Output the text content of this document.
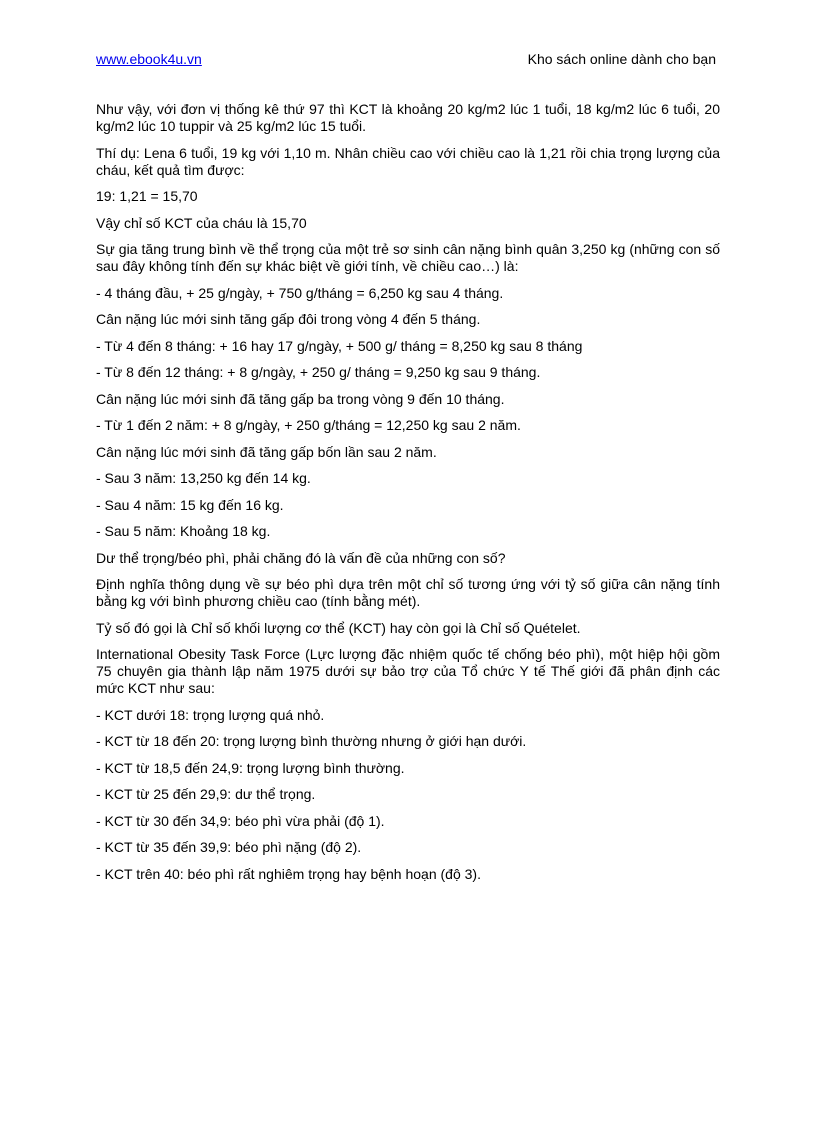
www.ebook4u.vn	Kho sách online dành cho bạn

Như vậy, với đơn vị thống kê thứ 97 thì KCT là khoảng 20 kg/m2 lúc 1 tuổi, 18 kg/m2 lúc 6 tuổi, 20 kg/m2 lúc 10 tuppir và 25 kg/m2 lúc 15 tuổi.

Thí dụ: Lena 6 tuổi, 19 kg với 1,10 m. Nhân chiều cao với chiều cao là 1,21 rồi chia trọng lượng của cháu, kết quả tìm được:

19: 1,21 = 15,70

Vậy chỉ số KCT của cháu là 15,70

Sự gia tăng trung bình về thể trọng của một trẻ sơ sinh cân nặng bình quân 3,250 kg (những con số sau đây không tính đến sự khác biệt về giới tính, về chiều cao…) là:

- 4 tháng đầu, + 25 g/ngày, + 750 g/tháng = 6,250 kg sau 4 tháng.

Cân nặng lúc mới sinh tăng gấp đôi trong vòng 4 đến 5 tháng.

- Từ 4 đến 8 tháng: + 16 hay 17 g/ngày, + 500 g/ tháng = 8,250 kg sau 8 tháng

- Từ 8 đến 12 tháng: + 8 g/ngày, + 250 g/ tháng = 9,250 kg sau 9 tháng.

Cân nặng lúc mới sinh đã tăng gấp ba trong vòng 9 đến 10 tháng.

- Từ 1 đến 2 năm: + 8 g/ngày, + 250 g/tháng = 12,250 kg sau 2 năm.

Cân nặng lúc mới sinh đã tăng gấp bốn lần sau 2 năm.

- Sau 3 năm: 13,250 kg đến 14 kg.

- Sau 4 năm: 15 kg đến 16 kg.

- Sau 5 năm: Khoảng 18 kg.

Dư thể trọng/béo phì, phải chăng đó là vấn đề của những con số?

Định nghĩa thông dụng về sự béo phì dựa trên một chỉ số tương ứng với tỷ số giữa cân nặng tính bằng kg với bình phương chiều cao (tính bằng mét).

Tỷ số đó gọi là Chỉ số khối lượng cơ thể (KCT) hay còn gọi là Chỉ số Quételet.

International Obesity Task Force (Lực lượng đặc nhiệm quốc tế chống béo phì), một hiệp hội gồm 75 chuyên gia thành lập năm 1975 dưới sự bảo trợ của Tổ chức Y tế Thế giới đã phân định các mức KCT như sau:

- KCT dưới 18: trọng lượng quá nhỏ.

- KCT từ 18 đến 20: trọng lượng bình thường nhưng ở giới hạn dưới.

- KCT từ 18,5 đến 24,9: trọng lượng bình thường.

- KCT từ 25 đến 29,9: dư thể trọng.

- KCT từ 30 đến 34,9: béo phì vừa phải (độ 1).

- KCT từ 35 đến 39,9: béo phì nặng (độ 2).

- KCT trên 40: béo phì rất nghiêm trọng hay bệnh hoạn (độ 3).
